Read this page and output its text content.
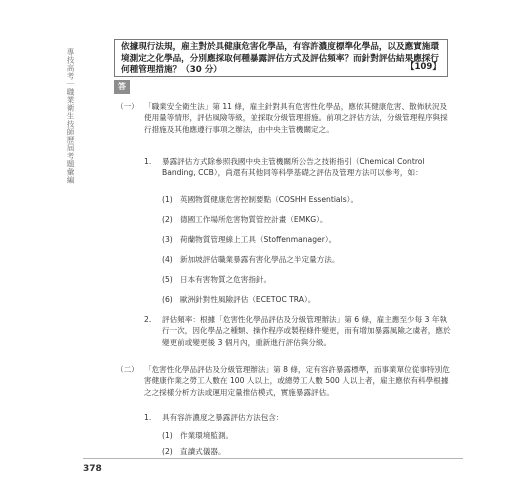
專技高考｜職業衛生技師歷屆考題彙編
依據現行法規，雇主對於具健康危害化學品，有容許濃度標準化學品，以及應實施環境測定之化學品，分別應採取何種暴露評估方式及評估頻率？而針對評估結果應採行何種管理措施？（30 分）	【109】
答
（一） 「職業安全衛生法」第 11 條，雇主針對具有危害性化學品，應依其健康危害、散佈狀況及使用量等情形，評估風險等級，並採取分級管理措施。前項之評估方法，分級管理程序與採行措施及其他應遵行事項之辦法，由中央主管機關定之。
1. 暴露評估方式除參照我國中央主管機關所公告之技術指引（Chemical Control Banding, CCB），尚還有其他同等科學基礎之評估及管理方法可以參考，如：
(1) 英國物質健康危害控制要點（COSHH Essentials）。
(2) 德國工作場所危害物質管控計畫（EMKG）。
(3) 荷蘭物質管理線上工具（Stoffenmanager）。
(4) 新加坡評估職業暴露有害化學品之半定量方法。
(5) 日本有害物質之危害指針。
(6) 歐洲針對性風險評估（ECETOC TRA）。
2. 評估頻率：根據「危害性化學品評估及分級管理辦法」第 6 條，雇主應至少每 3 年執行一次，因化學品之種類、操作程序或製程條件變更，而有增加暴露風險之虞者，應於變更前或變更後 3 個月內，重新進行評估與分級。
（二） 「危害性化學品評估及分級管理辦法」第 8 條，定有容許暴露標準，而事業單位從事特別危害健康作業之勞工人數在 100 人以上，或總勞工人數 500 人以上者，雇主應依有科學根據之之採樣分析方法或運用定量推估模式，實施暴露評估。
1. 具有容許濃度之暴露評估方法包含：
(1) 作業環境監測。
(2) 直讀式儀器。
378
